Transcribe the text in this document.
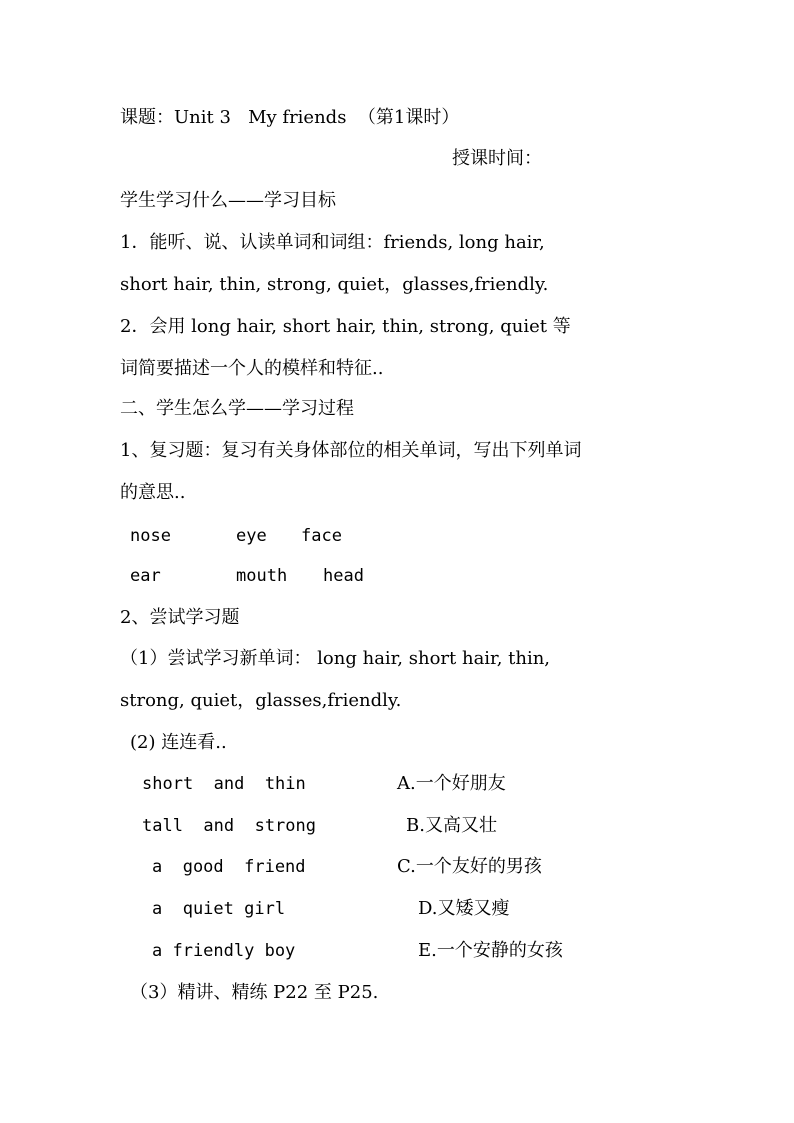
课题：Unit 3   My friends  （第1课时）
授课时间：
学生学习什么——学习目标
1．能听、说、认读单词和词组：friends, long hair,
short hair, thin, strong, quiet，glasses,friendly.
2．会用 long hair, short hair, thin, strong, quiet 等
词简要描述一个人的模样和特征..
二、学生怎么学——学习过程
1、复习题：复习有关身体部位的相关单词，写出下列单词
的意思..
nose	eye face
ear	mouth head
2、尝试学习题
（1）尝试学习新单词： long hair, short hair, thin,
strong, quiet，glasses,friendly.
(2) 连连看..
short  and  thin	A.一个好朋友
tall  and  strong	B.又高又壮
a  good  friend	C.一个友好的男孩
a  quiet girl	D.又矮又瘦
a friendly boy	E.一个安静的女孩
（3）精讲、精练 P22 至 P25.
